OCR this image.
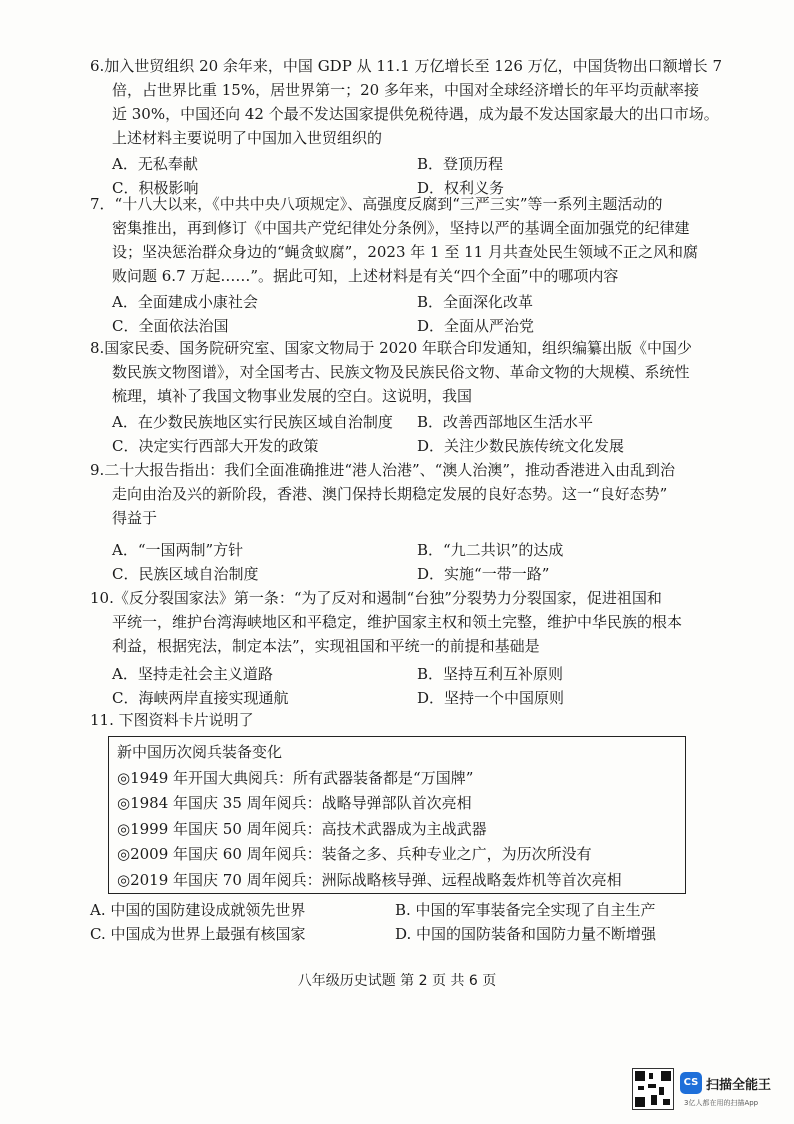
6.加入世贸组织 20 余年来，中国 GDP 从 11.1 万亿增长至 126 万亿，中国货物出口额增长 7
倍，占世界比重 15%，居世界第一；20 多年来，中国对全球经济增长的年平均贡献率接
近 30%，中国还向 42 个最不发达国家提供免税待遇，成为最不发达国家最大的出口市场。
上述材料主要说明了中国加入世贸组织的
A．无私奉献	B．登顶历程
C．积极影响	D．权利义务
7．“十八大以来，《中共中央八项规定》、高强度反腐到“三严三实”等一系列主题活动的
密集推出，再到修订《中国共产党纪律处分条例》，坚持以严的基调全面加强党的纪律建
设；坚决惩治群众身边的“蝇贪蚁腐”，2023 年 1 至 11 月共查处民生领域不正之风和腐
败问题 6.7 万起……”。据此可知，上述材料是有关“四个全面”中的哪项内容
A．全面建成小康社会	B．全面深化改革
C．全面依法治国	D．全面从严治党
8.国家民委、国务院研究室、国家文物局于 2020 年联合印发通知，组织编纂出版《中国少
数民族文物图谱》，对全国考古、民族文物及民族民俗文物、革命文物的大规模、系统性
梳理，填补了我国文物事业发展的空白。这说明，我国
A．在少数民族地区实行民族区域自治制度	B．改善西部地区生活水平
C．决定实行西部大开发的政策	D．关注少数民族传统文化发展
9.二十大报告指出：我们全面准确推进“港人治港”、“澳人治澳”，推动香港进入由乱到治
走向由治及兴的新阶段，香港、澳门保持长期稳定发展的良好态势。这一“良好态势”
得益于
A．“一国两制”方针	B．“九二共识”的达成
C．民族区域自治制度	D．实施“一带一路”
10.《反分裂国家法》第一条：“为了反对和遏制“台独”分裂势力分裂国家，促进祖国和
平统一，维护台湾海峡地区和平稳定，维护国家主权和领土完整，维护中华民族的根本
利益，根据宪法，制定本法”，实现祖国和平统一的前提和基础是
A．坚持走社会主义道路	B．坚持互利互补原则
C．海峡两岸直接实现通航	D．坚持一个中国原则
11. 下图资料卡片说明了
新中国历次阅兵装备变化
◎1949 年开国大典阅兵：所有武器装备都是“万国牌”
◎1984 年国庆 35 周年阅兵：战略导弹部队首次亮相
◎1999 年国庆 50 周年阅兵：高技术武器成为主战武器
◎2009 年国庆 60 周年阅兵：装备之多、兵种专业之广，为历次所没有
◎2019 年国庆 70 周年阅兵：洲际战略核导弹、远程战略轰炸机等首次亮相
A. 中国的国防建设成就领先世界	B. 中国的军事装备完全实现了自主生产
C. 中国成为世界上最强有核国家	D. 中国的国防装备和国防力量不断增强
八年级历史试题 第 2 页 共 6 页
CS 扫描全能王
3亿人都在用的扫描App
